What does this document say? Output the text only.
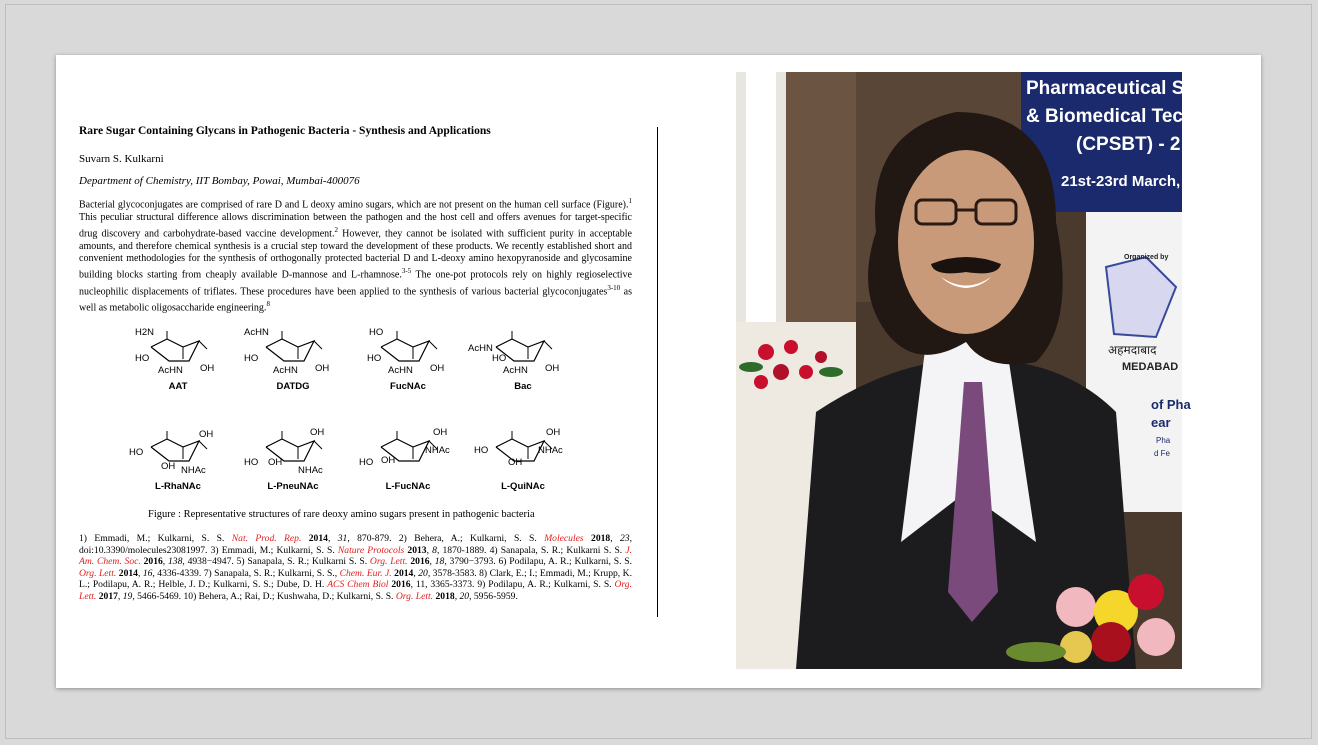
Rare Sugar Containing Glycans in Pathogenic Bacteria - Synthesis and Applications

Suvarn S. Kulkarni

Department of Chemistry, IIT Bombay, Powai, Mumbai-400076

Bacterial glycoconjugates are comprised of rare D and L deoxy amino sugars, which are not present on the human cell surface (Figure).$^1$ This peculiar structural difference allows discrimination between the pathogen and the host cell and offers avenues for target-specific drug discovery and carbohydrate-based vaccine development.$^2$ However, they cannot be isolated with sufficient purity in acceptable amounts, and therefore chemical synthesis is a crucial step toward the development of these products. We recently established short and convenient methodologies for the synthesis of orthogonally protected bacterial D and L-deoxy amino hexopyranoside and glycosamine building blocks starting from cheaply available D-mannose and L-rhamnose.$^{3-5}$ The one-pot protocols rely on highly regioselective nucleophilic displacements of triflates. These procedures have been applied to the synthesis of various bacterial glycoconjugates$^{3-10}$ as well as metabolic oligosaccharide engineering.$^8$

H2N
HO
AcHN OH
AAT
AcHN
HO
AcHN OH
DATDG
HO
HO
AcHN OH
FucNAc
AcHN
HO
AcHN OH
Bac
OH
HO
OH NHAc
L-RhaNAc
OH
HO OH
NHAc
L-PneuNAc
OH
NHAc
HO OH
L-FucNAc
OH
HO	NHAc
OH
L-QuiNAc
Figure : Representative structures of rare deoxy amino sugars present in pathogenic bacteria
1) Emmadi, M.; Kulkarni, S. S. Nat. Prod. Rep. 2014, 31, 870-879. 2) Behera, A.; Kulkarni, S. S. Molecules 2018, 23, doi:10.3390/molecules23081997. 3) Emmadi, M.; Kulkarni, S. S. Nature Protocols 2013, 8, 1870-1889. 4) Sanapala, S. R.; Kulkarni S. S. J. Am. Chem. Soc. 2016, 138, 4938−4947. 5) Sanapala, S. R.; Kulkarni S. S. Org. Lett. 2016, 18, 3790−3793. 6) Podilapu, A. R.; Kulkarni, S. S. Org. Lett. 2014, 16, 4336-4339. 7) Sanapala, S. R.; Kulkarni, S. S., Chem. Eur. J. 2014, 20, 3578-3583. 8) Clark, E.; I.; Emmadi, M.; Krupp, K. L.; Podilapu, A. R.; Helble, J. D.; Kulkarni, S. S.; Dube, D. H. ACS Chem Biol 2016, 11, 3365-3373. 9) Podilapu, A. R.; Kulkarni, S. S. Org. Lett. 2017, 19, 5466-5469. 10) Behera, A.; Rai, D.; Kushwaha, D.; Kulkarni, S. S. Org. Lett. 2018, 20, 5956-5959.
Pharmaceutical S
& Biomedical Tec
(CPSBT) - 2
21st-23rd March,
Organized by
अहमदाबाद
MEDABAD
of Pha
ear
Pha
d Fe
